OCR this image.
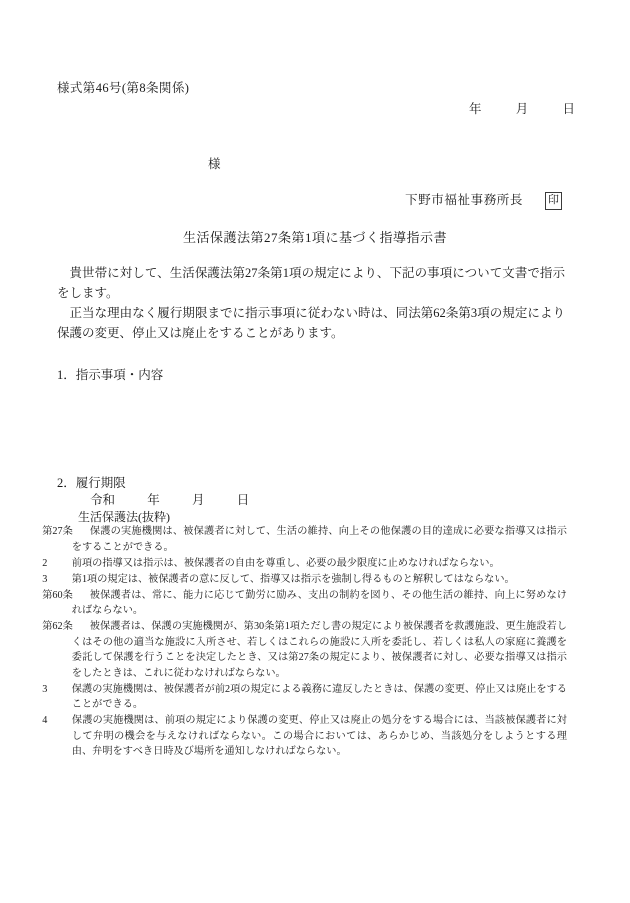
様式第46号(第8条関係)
年	月	日
様
下野市福祉事務所長 印
生活保護法第27条第1項に基づく指導指示書
貴世帯に対して、生活保護法第27条第1項の規定により、下記の事項について文書で指示をします。
正当な理由なく履行期限までに指示事項に従わない時は、同法第62条第3項の規定により保護の変更、停止又は廃止をすることがあります。
1．指示事項・内容
2．履行期限
令和	年	月	日
生活保護法(抜粋)
第27条 保護の実施機関は、被保護者に対して、生活の維持、向上その他保護の目的達成に必要な指導又は指示をすることができる。
2 前項の指導又は指示は、被保護者の自由を尊重し、必要の最少限度に止めなければならない。
3 第1項の規定は、被保護者の意に反して、指導又は指示を強制し得るものと解釈してはならない。
第60条 被保護者は、常に、能力に応じて勤労に励み、支出の制約を図り、その他生活の維持、向上に努めなければならない。
第62条 被保護者は、保護の実施機関が、第30条第1項ただし書の規定により被保護者を救護施設、更生施設若しくはその他の適当な施設に入所させ、若しくはこれらの施設に入所を委託し、若しくは私人の家庭に養護を委託して保護を行うことを決定したとき、又は第27条の規定により、被保護者に対し、必要な指導又は指示をしたときは、これに従わなければならない。
3 保護の実施機関は、被保護者が前2項の規定による義務に違反したときは、保護の変更、停止又は廃止をすることができる。
4 保護の実施機関は、前項の規定により保護の変更、停止又は廃止の処分をする場合には、当該被保護者に対して弁明の機会を与えなければならない。この場合においては、あらかじめ、当該処分をしようとする理由、弁明をすべき日時及び場所を通知しなければならない。
